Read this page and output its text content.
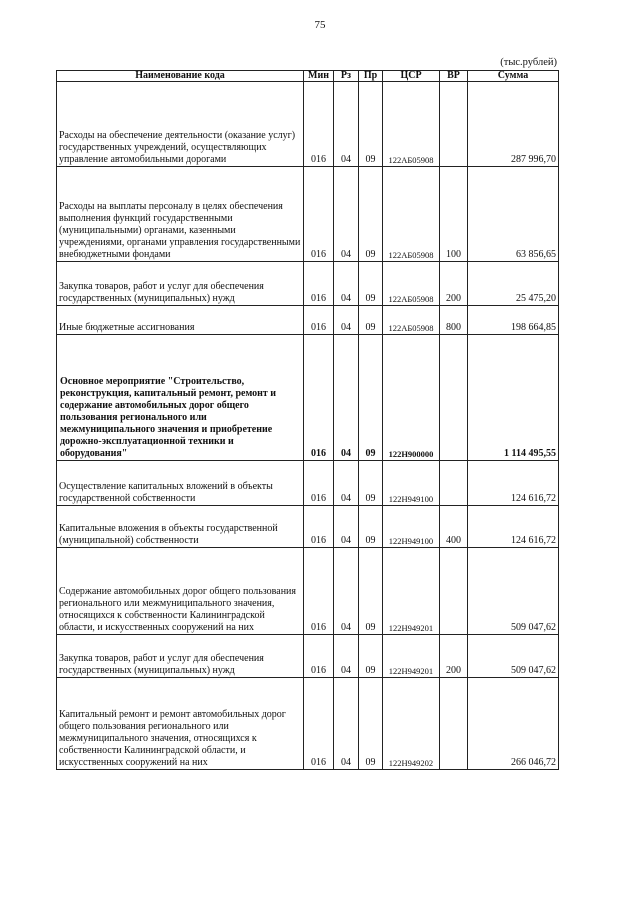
75
(тыс.рублей)
Наименование кода	Мин	Рз	Пр	ЦСР	ВР	Сумма
Расходы на обеспечение деятельности (оказание услуг) государственных учреждений, осуществляющих управление автомобильными дорогами	016	04	09	122АБ05908		287 996,70
Расходы на выплаты персоналу в целях обеспечения выполнения функций государственными (муниципальными) органами, казенными учреждениями, органами управления государственными внебюджетными фондами	016	04	09	122АБ05908	100	63 856,65
Закупка товаров, работ и услуг для обеспечения государственных (муниципальных) нужд	016	04	09	122АБ05908	200	25 475,20
Иные бюджетные ассигнования	016	04	09	122АБ05908	800	198 664,85
Основное мероприятие "Строительство, реконструкция, капитальный ремонт, ремонт и содержание автомобильных дорог общего пользования регионального или межмуниципального значения и приобретение дорожно-эксплуатационной техники и оборудования"	016	04	09	122Н900000		1 114 495,55
Осуществление капитальных вложений в объекты государственной собственности	016	04	09	122Н949100		124 616,72
Капитальные вложения в объекты государственной (муниципальной) собственности	016	04	09	122Н949100	400	124 616,72
Содержание автомобильных дорог общего пользования регионального или межмуниципального значения, относящихся к собственности Калининградской области, и искусственных сооружений на них	016	04	09	122Н949201		509 047,62
Закупка товаров, работ и услуг для обеспечения государственных (муниципальных) нужд	016	04	09	122Н949201	200	509 047,62
Капитальный ремонт и ремонт автомобильных дорог общего пользования регионального или межмуниципального значения, относящихся к собственности Калининградской области, и искусственных сооружений на них	016	04	09	122Н949202		266 046,72
